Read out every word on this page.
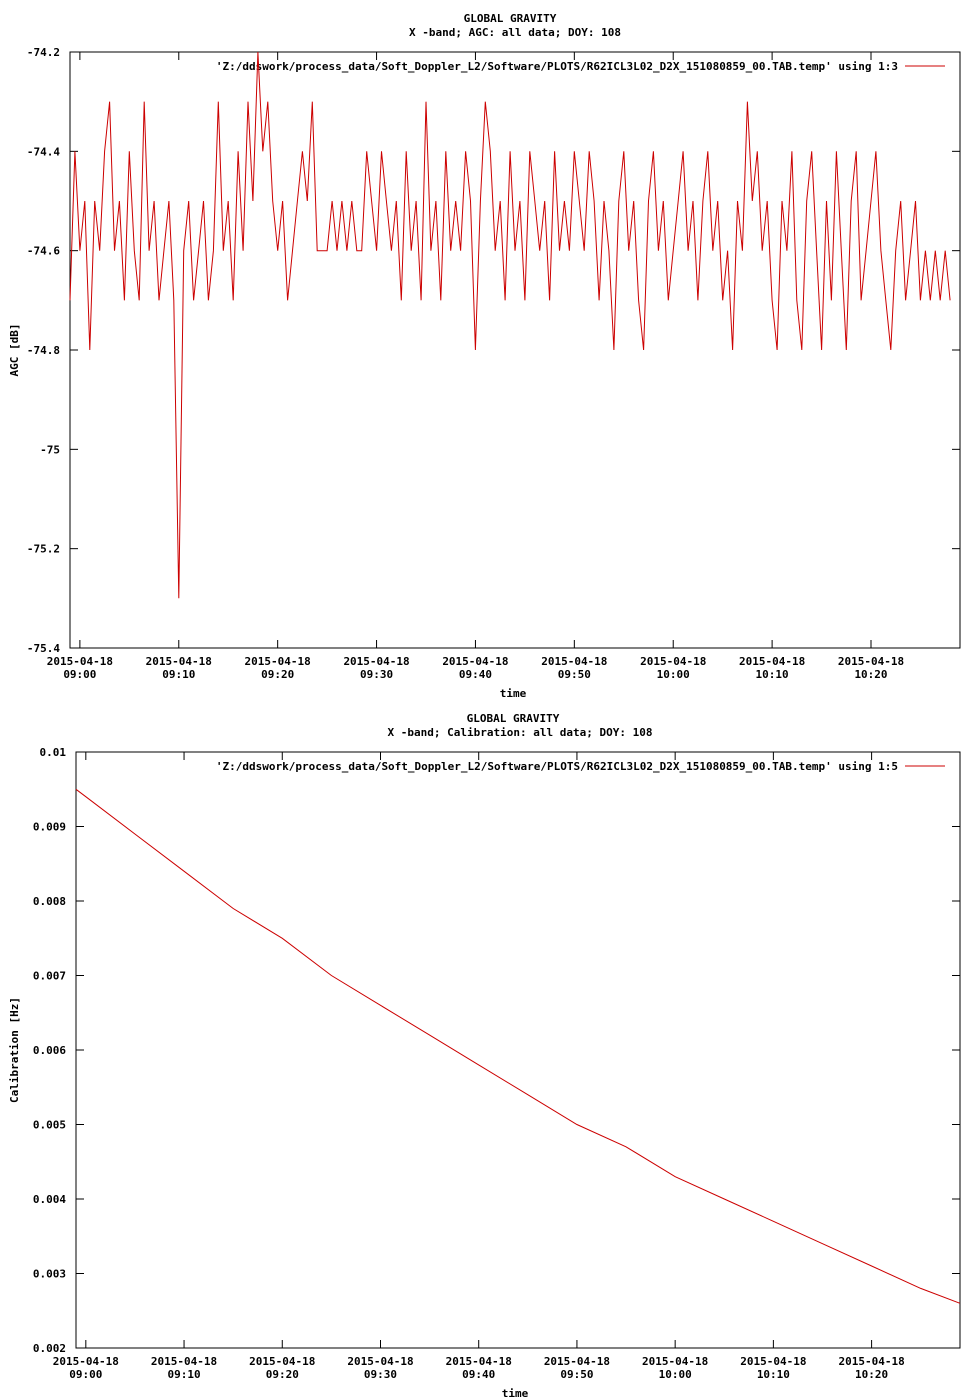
GLOBAL GRAVITY
X -band; AGC: all data; DOY: 108
time
AGC [dB]
'Z:/ddswork/process_data/Soft_Doppler_L2/Software/PLOTS/R62ICL3L02_D2X_151080859_00.TAB.temp' using 1:3
-74.2
-74.4
-74.6
-74.8
-75
-75.2
-75.4
2015-04-18
09:00
2015-04-18
09:10
2015-04-18
09:20
2015-04-18
09:30
2015-04-18
09:40
2015-04-18
09:50
2015-04-18
10:00
2015-04-18
10:10
2015-04-18
10:20
GLOBAL GRAVITY
X -band; Calibration: all data; DOY: 108
time
Calibration [Hz]
'Z:/ddswork/process_data/Soft_Doppler_L2/Software/PLOTS/R62ICL3L02_D2X_151080859_00.TAB.temp' using 1:5
0.01
0.009
0.008
0.007
0.006
0.005
0.004
0.003
0.002
2015-04-18
09:00
2015-04-18
09:10
2015-04-18
09:20
2015-04-18
09:30
2015-04-18
09:40
2015-04-18
09:50
2015-04-18
10:00
2015-04-18
10:10
2015-04-18
10:20
